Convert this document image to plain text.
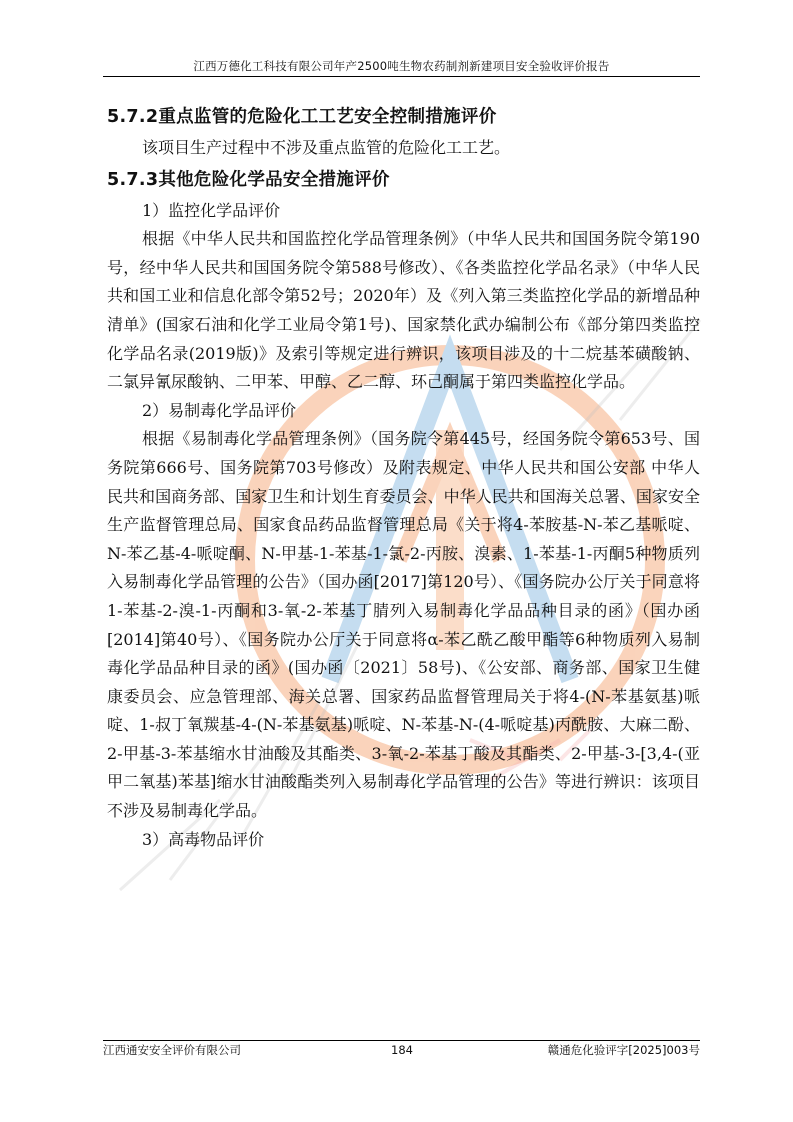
江西万德化工科技有限公司年产2500吨生物农药制剂新建项目安全验收评价报告
5.7.2重点监管的危险化工工艺安全控制措施评价

该项目生产过程中不涉及重点监管的危险化工工艺。

5.7.3其他危险化学品安全措施评价

1）监控化学品评价

根据《中华人民共和国监控化学品管理条例》（中华人民共和国国务院令第190号，经中华人民共和国国务院令第588号修改）、《各类监控化学品名录》（中华人民共和国工业和信息化部令第52号；2020年）及《列入第三类监控化学品的新增品种清单》(国家石油和化学工业局令第1号)、国家禁化武办编制公布《部分第四类监控化学品名录(2019版)》及索引等规定进行辨识，该项目涉及的十二烷基苯磺酸钠、二氯异氰尿酸钠、二甲苯、甲醇、乙二醇、环己酮属于第四类监控化学品。

2）易制毒化学品评价

根据《易制毒化学品管理条例》（国务院令第445号，经国务院令第653号、国务院第666号、国务院第703号修改）及附表规定、中华人民共和国公安部 中华人民共和国商务部、国家卫生和计划生育委员会、中华人民共和国海关总署、国家安全生产监督管理总局、国家食品药品监督管理总局《关于将4-苯胺基-N-苯乙基哌啶、N-苯乙基-4-哌啶酮、N-甲基-1-苯基-1-氯-2-丙胺、溴素、1-苯基-1-丙酮5种物质列入易制毒化学品管理的公告》（国办函[2017]第120号）、《国务院办公厅关于同意将1-苯基-2-溴-1-丙酮和3-氧-2-苯基丁腈列入易制毒化学品品种目录的函》（国办函[2014]第40号）、《国务院办公厅关于同意将α-苯乙酰乙酸甲酯等6种物质列入易制毒化学品品种目录的函》(国办函〔2021〕58号)、《公安部、商务部、国家卫生健康委员会、应急管理部、海关总署、国家药品监督管理局关于将4-(N-苯基氨基)哌啶、1-叔丁氧羰基-4-(N-苯基氨基)哌啶、N-苯基-N-(4-哌啶基)丙酰胺、大麻二酚、2-甲基-3-苯基缩水甘油酸及其酯类、3-氧-2-苯基丁酸及其酯类、2-甲基-3-[3,4-(亚甲二氧基)苯基]缩水甘油酸酯类列入易制毒化学品管理的公告》等进行辨识：该项目不涉及易制毒化学品。

3）高毒物品评价

江西通安安全评价有限公司	184	赣通危化验评字[2025]003号
